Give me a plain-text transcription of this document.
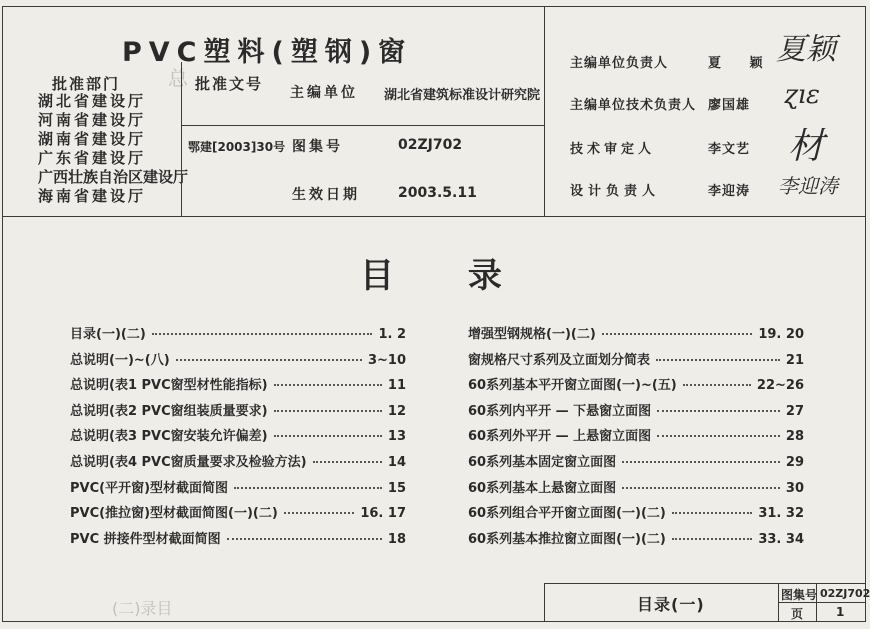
总
(二)录目
PVC塑料(塑钢)窗
批准部门	批准文号
湖北省建设厅
河南省建设厅
湖南省建设厅
广东省建设厅
广西壮族自治区建设厅
海南省建设厅
主编单位 湖北省建筑标准设计研究院
鄂建[2003]30号 图集号	02ZJ702
生效日期	2003.5.11
主编单位负责人	夏 颖 夏颖
主编单位技术负责人 廖国雄 ɀıɛ
技术审定人	李文艺 材
设计负责人	李迎涛 李迎涛
目 录
目录(一)(二)	1. 2
总说明(一)~(八)	3~10
总说明(表1 PVC窗型材性能指标)	11
总说明(表2 PVC窗组装质量要求)	12
总说明(表3 PVC窗安装允许偏差)	13
总说明(表4 PVC窗质量要求及检验方法)	14
PVC(平开窗)型材截面简图	15
PVC(推拉窗)型材截面简图(一)(二)	16. 17
PVC 拼接件型材截面简图	18
增强型钢规格(一)(二)	19. 20
窗规格尺寸系列及立面划分简表	21
60系列基本平开窗立面图(一)~(五)	22~26
60系列内平开 — 下悬窗立面图	27
60系列外平开 — 上悬窗立面图	28
60系列基本固定窗立面图	29
60系列基本上悬窗立面图	30
60系列组合平开窗立面图(一)(二)	31. 32
60系列基本推拉窗立面图(一)(二)	33. 34
目录(一)	图集号 02ZJ702
页	1
